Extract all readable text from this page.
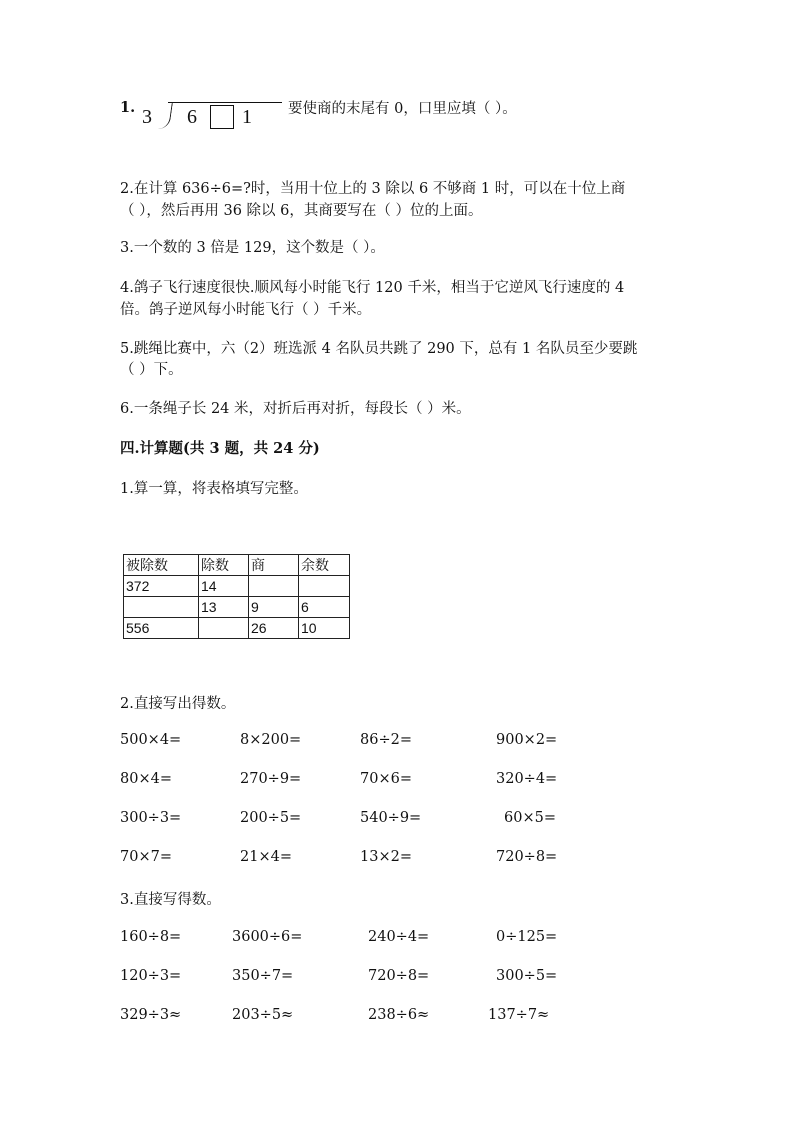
1. 3 6 1 要使商的末尾有 0，口里应填（ ）。
2.在计算 636÷6=?时，当用十位上的 3 除以 6 不够商 1 时，可以在十位上商
（ ），然后再用 36 除以 6，其商要写在（ ）位的上面。
3.一个数的 3 倍是 129，这个数是（ ）。
4.鸽子飞行速度很快.顺风每小时能飞行 120 千米，相当于它逆风飞行速度的 4
倍。鸽子逆风每小时能飞行（ ）千米。
5.跳绳比赛中，六（2）班选派 4 名队员共跳了 290 下，总有 1 名队员至少要跳
（ ）下。
6.一条绳子长 24 米，对折后再对折，每段长（ ）米。
四.计算题(共 3 题，共 24 分)
1.算一算，将表格填写完整。
被除数	除数	商	余数
372	14		
	13	9	6
556		26	10
2.直接写出得数。
500×4=	8×200=	86÷2=	900×2=
80×4=	270÷9=	70×6=	320÷4=
300÷3=	200÷5=	540÷9=	60×5=
70×7=	21×4=	13×2=	720÷8=
3.直接写得数。
160÷8=	3600÷6=	240÷4=	0÷125=
120÷3=	350÷7=	720÷8=	300÷5=
329÷3≈	203÷5≈	238÷6≈	137÷7≈
